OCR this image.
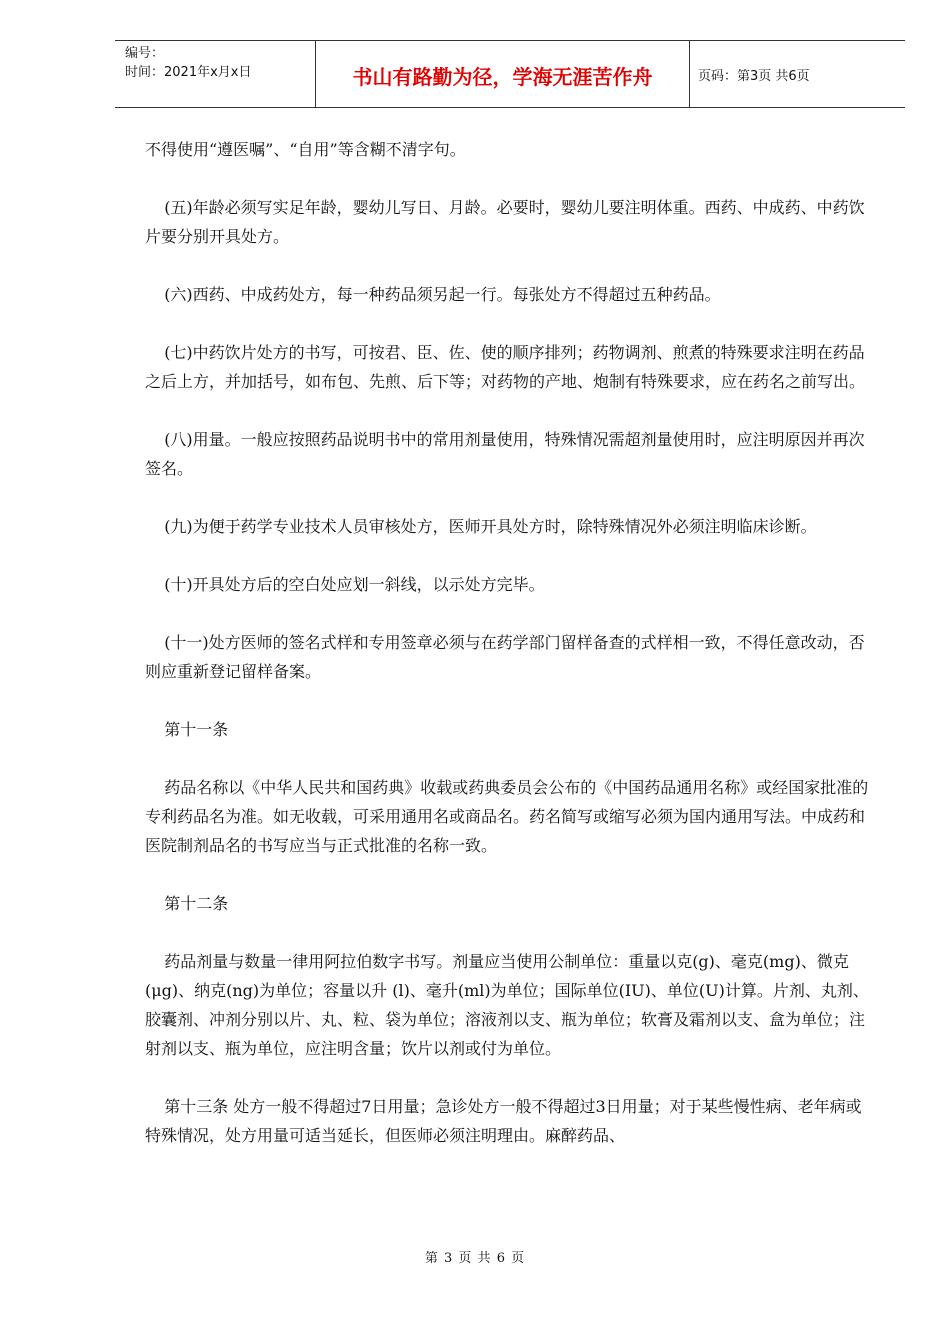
编号：
时间：2021年x月x日	书山有路勤为径，学海无涯苦作舟	页码：第3页 共6页

不得使用“遵医嘱”、“自用”等含糊不清字句。

(五)年龄必须写实足年龄，婴幼儿写日、月龄。必要时，婴幼儿要注明体重。西药、中成药、中药饮片要分别开具处方。

(六)西药、中成药处方，每一种药品须另起一行。每张处方不得超过五种药品。

(七)中药饮片处方的书写，可按君、臣、佐、使的顺序排列；药物调剂、煎煮的特殊要求注明在药品之后上方，并加括号，如布包、先煎、后下等；对药物的产地、炮制有特殊要求，应在药名之前写出。

(八)用量。一般应按照药品说明书中的常用剂量使用，特殊情况需超剂量使用时，应注明原因并再次签名。

(九)为便于药学专业技术人员审核处方，医师开具处方时，除特殊情况外必须注明临床诊断。

(十)开具处方后的空白处应划一斜线，以示处方完毕。

(十一)处方医师的签名式样和专用签章必须与在药学部门留样备查的式样相一致，不得任意改动，否则应重新登记留样备案。

第十一条

药品名称以《中华人民共和国药典》收载或药典委员会公布的《中国药品通用名称》或经国家批准的专利药品名为准。如无收载，可采用通用名或商品名。药名简写或缩写必须为国内通用写法。中成药和医院制剂品名的书写应当与正式批准的名称一致。

第十二条

药品剂量与数量一律用阿拉伯数字书写。剂量应当使用公制单位：重量以克(g)、毫克(mg)、微克(μg)、纳克(ng)为单位；容量以升 (l)、毫升(ml)为单位；国际单位(IU)、单位(U)计算。片剂、丸剂、胶囊剂、冲剂分别以片、丸、粒、袋为单位；溶液剂以支、瓶为单位；软膏及霜剂以支、盒为单位；注射剂以支、瓶为单位，应注明含量；饮片以剂或付为单位。

第十三条 处方一般不得超过7日用量；急诊处方一般不得超过3日用量；对于某些慢性病、老年病或特殊情况，处方用量可适当延长，但医师必须注明理由。麻醉药品、

第 3 页 共 6 页
